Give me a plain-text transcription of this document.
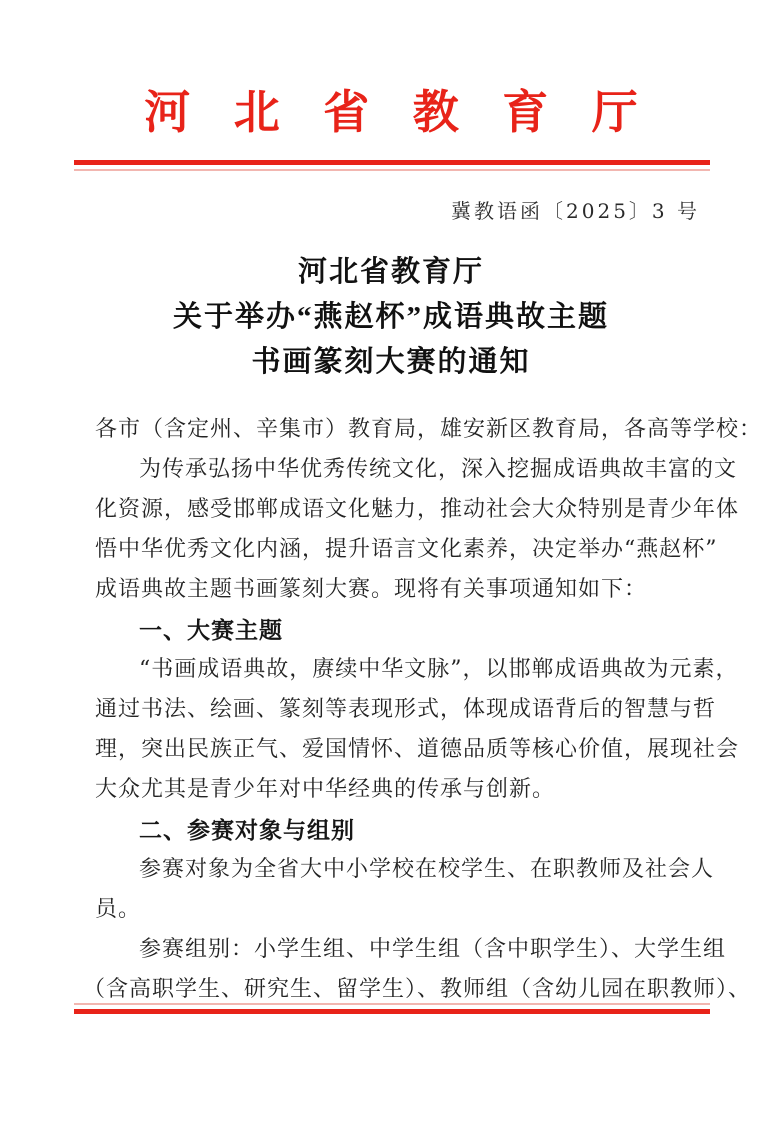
河 北 省 教 育 厅
冀教语函〔2025〕3 号
河北省教育厅
关于举办“燕赵杯”成语典故主题
书画篆刻大赛的通知
各市（含定州、辛集市）教育局，雄安新区教育局，各高等学校：
为传承弘扬中华优秀传统文化，深入挖掘成语典故丰富的文
化资源，感受邯郸成语文化魅力，推动社会大众特别是青少年体
悟中华优秀文化内涵，提升语言文化素养，决定举办“燕赵杯”
成语典故主题书画篆刻大赛。现将有关事项通知如下：
一、大赛主题
“书画成语典故，赓续中华文脉”，以邯郸成语典故为元素，
通过书法、绘画、篆刻等表现形式，体现成语背后的智慧与哲
理，突出民族正气、爱国情怀、道德品质等核心价值，展现社会
大众尤其是青少年对中华经典的传承与创新。
二、参赛对象与组别
参赛对象为全省大中小学校在校学生、在职教师及社会人
员。
参赛组别：小学生组、中学生组（含中职学生）、大学生组
（含高职学生、研究生、留学生）、教师组（含幼儿园在职教师）、
